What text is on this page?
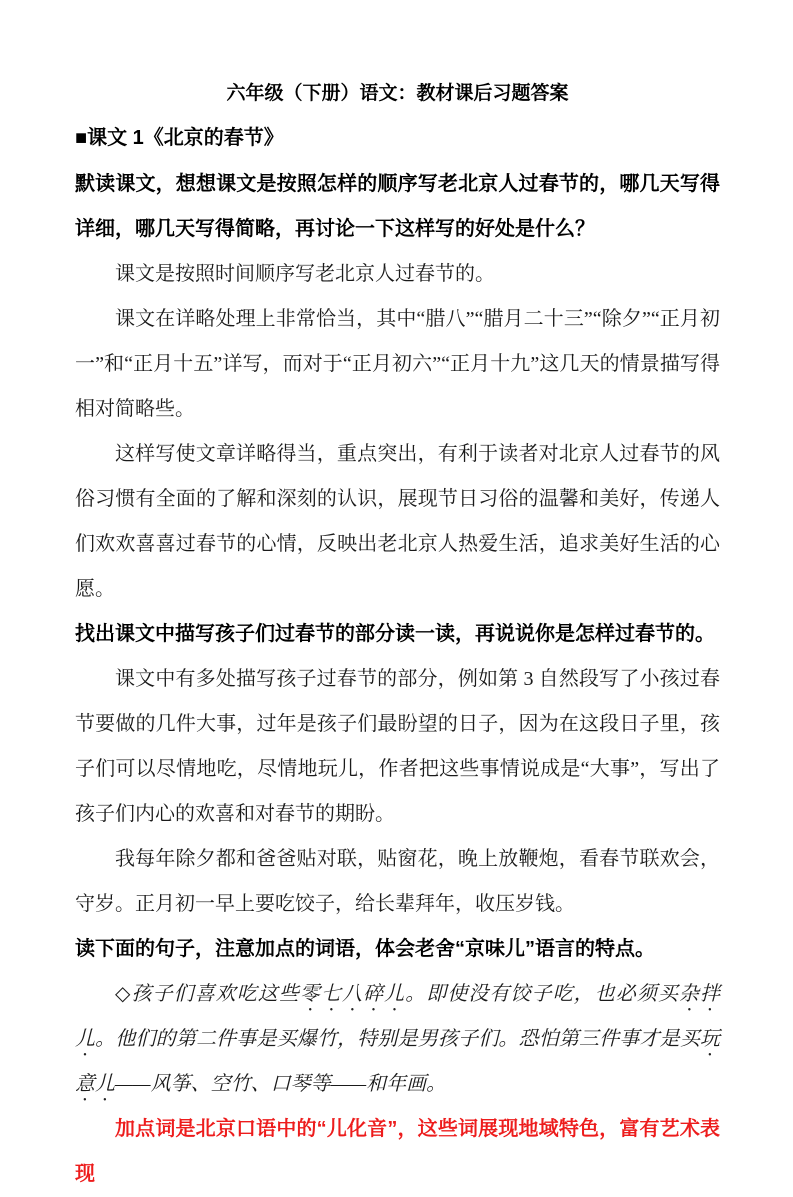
六年级（下册）语文：教材课后习题答案
■课文 1《北京的春节》

默读课文，想想课文是按照怎样的顺序写老北京人过春节的，哪几天写得详细，哪几天写得简略，再讨论一下这样写的好处是什么？

课文是按照时间顺序写老北京人过春节的。

课文在详略处理上非常恰当，其中“腊八”“腊月二十三”“除夕”“正月初一”和“正月十五”详写，而对于“正月初六”“正月十九”这几天的情景描写得相对简略些。

这样写使文章详略得当，重点突出，有利于读者对北京人过春节的风俗习惯有全面的了解和深刻的认识，展现节日习俗的温馨和美好，传递人们欢欢喜喜过春节的心情，反映出老北京人热爱生活，追求美好生活的心愿。

找出课文中描写孩子们过春节的部分读一读，再说说你是怎样过春节的。

课文中有多处描写孩子过春节的部分，例如第 3 自然段写了小孩过春节要做的几件大事，过年是孩子们最盼望的日子，因为在这段日子里，孩子们可以尽情地吃，尽情地玩儿，作者把这些事情说成是“大事”，写出了孩子们内心的欢喜和对春节的期盼。

我每年除夕都和爸爸贴对联，贴窗花，晚上放鞭炮，看春节联欢会，守岁。正月初一早上要吃饺子，给长辈拜年，收压岁钱。

读下面的句子，注意加点的词语，体会老舍“京味儿”语言的特点。

◇孩子们喜欢吃这些零七八碎儿。即使没有饺子吃，也必须买杂拌儿。他们的第二件事是买爆竹，特别是男孩子们。恐怕第三件事才是买玩意儿——风筝、空竹、口琴等——和年画。

加点词是北京口语中的“儿化音”，这些词展现地域特色，富有艺术表现
